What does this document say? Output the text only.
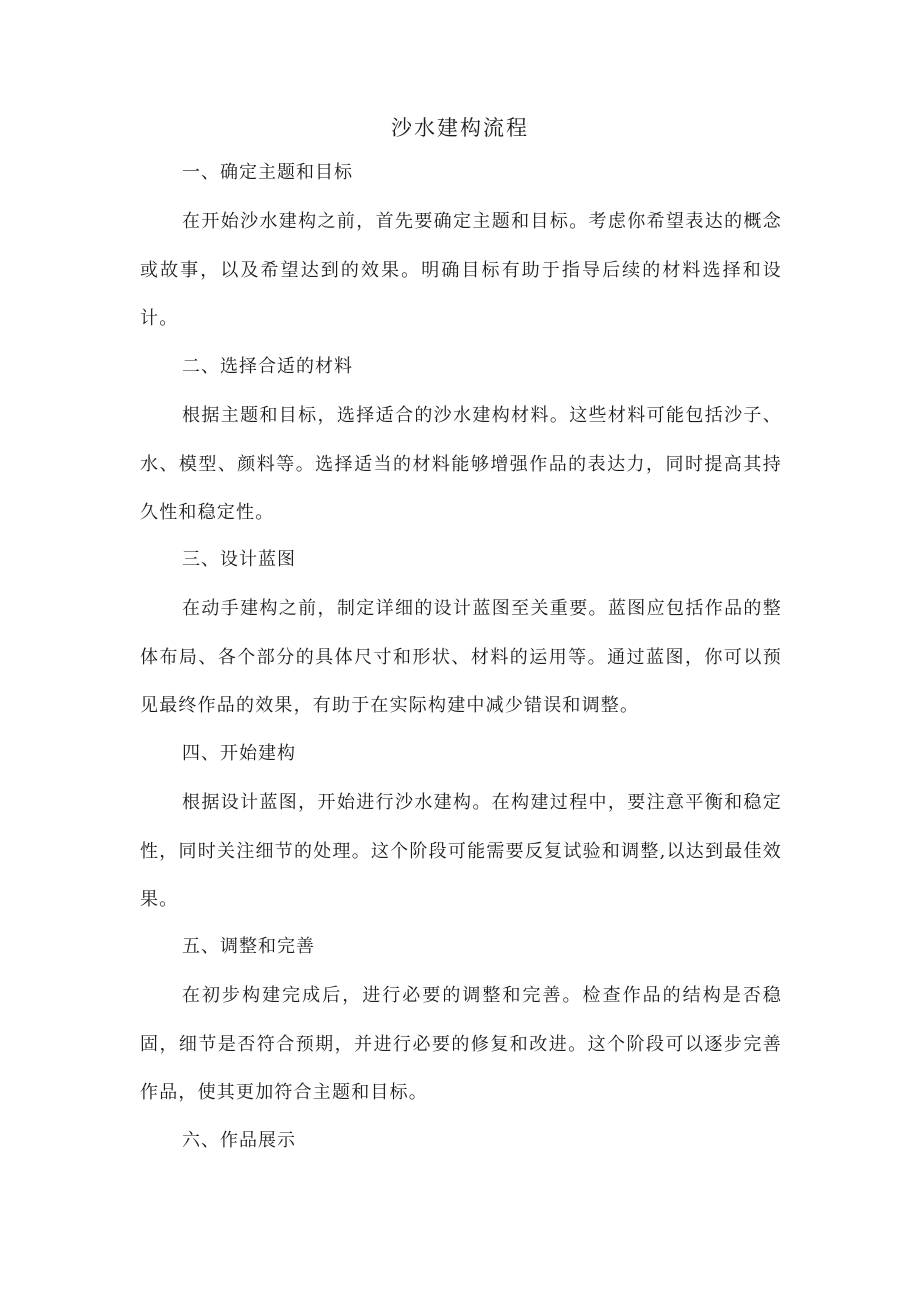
沙水建构流程
一、确定主题和目标

在开始沙水建构之前，首先要确定主题和目标。考虑你希望表达的概念或故事，以及希望达到的效果。明确目标有助于指导后续的材料选择和设计。

二、选择合适的材料

根据主题和目标，选择适合的沙水建构材料。这些材料可能包括沙子、水、模型、颜料等。选择适当的材料能够增强作品的表达力，同时提高其持久性和稳定性。

三、设计蓝图

在动手建构之前，制定详细的设计蓝图至关重要。蓝图应包括作品的整体布局、各个部分的具体尺寸和形状、材料的运用等。通过蓝图，你可以预见最终作品的效果，有助于在实际构建中减少错误和调整。

四、开始建构

根据设计蓝图，开始进行沙水建构。在构建过程中，要注意平衡和稳定性，同时关注细节的处理。这个阶段可能需要反复试验和调整,以达到最佳效果。

五、调整和完善

在初步构建完成后，进行必要的调整和完善。检查作品的结构是否稳固，细节是否符合预期，并进行必要的修复和改进。这个阶段可以逐步完善作品，使其更加符合主题和目标。

六、作品展示
